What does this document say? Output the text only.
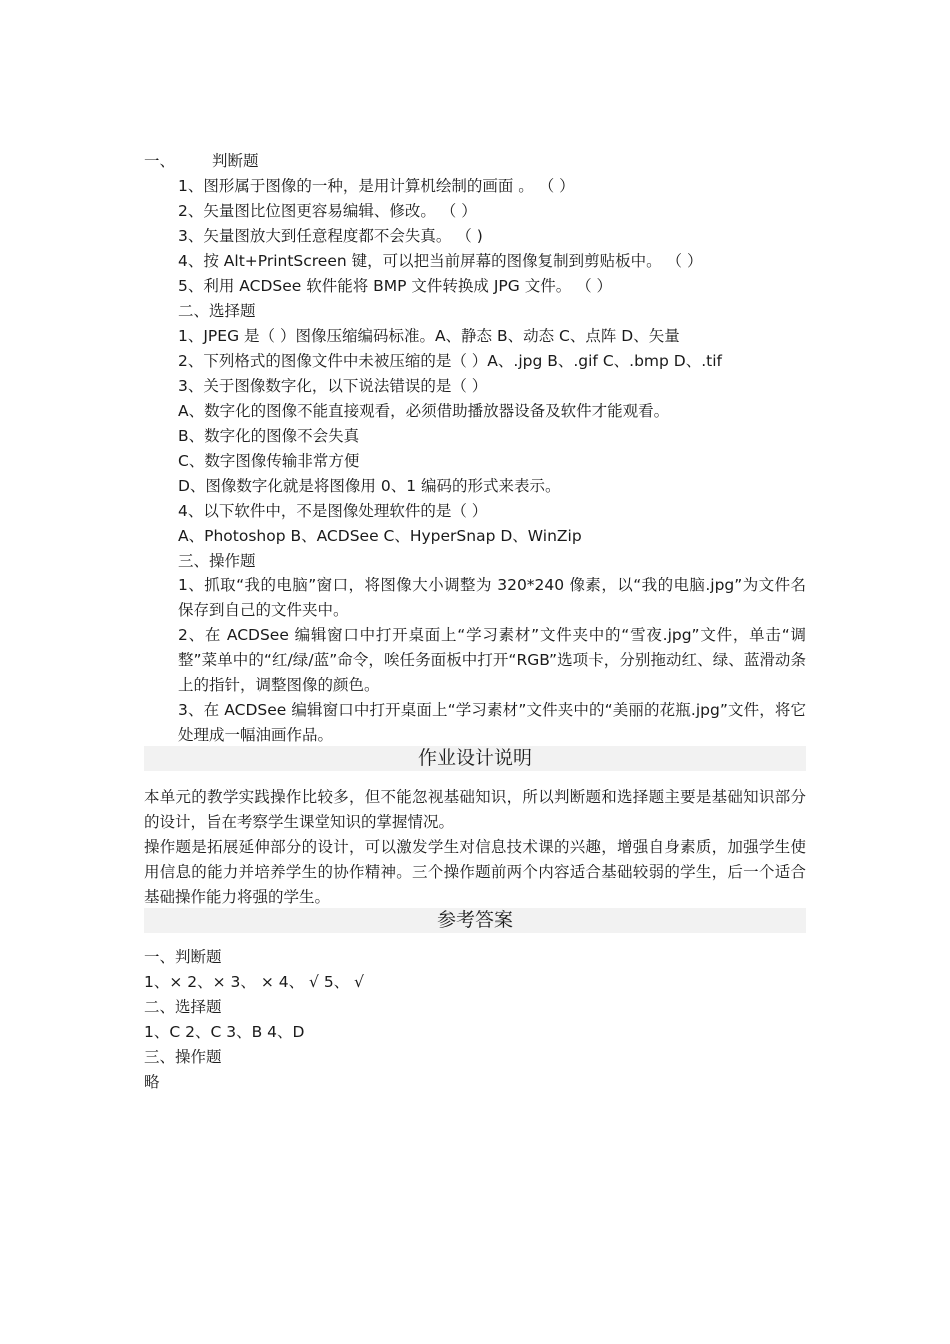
一、 判断题
1、图形属于图像的一种，是用计算机绘制的画面 。 （ ）
2、矢量图比位图更容易编辑、修改。 （ ）
3、矢量图放大到任意程度都不会失真。 （ )
4、按 Alt+PrintScreen 键，可以把当前屏幕的图像复制到剪贴板中。 （ ）
5、利用 ACDSee 软件能将 BMP 文件转换成 JPG 文件。 （ ）
二、选择题
1、JPEG 是（ ）图像压缩编码标准。A、静态 B、动态 C、点阵 D、矢量
2、下列格式的图像文件中未被压缩的是（ ）A、.jpg B、.gif C、.bmp D、.tif
3、关于图像数字化，以下说法错误的是（ ）
A、数字化的图像不能直接观看，必须借助播放器设备及软件才能观看。
B、数字化的图像不会失真
C、数字图像传输非常方便
D、图像数字化就是将图像用 0、1 编码的形式来表示。
4、以下软件中，不是图像处理软件的是（ ）
A、Photoshop B、ACDSee C、HyperSnap D、WinZip
三、操作题
1、抓取“我的电脑”窗口，将图像大小调整为 320*240 像素，以“我的电脑.jpg”为文件名保存到自己的文件夹中。
2、在 ACDSee 编辑窗口中打开桌面上“学习素材”文件夹中的“雪夜.jpg”文件，单击“调整”菜单中的“红/绿/蓝”命令，唉任务面板中打开“RGB”选项卡，分别拖动红、绿、蓝滑动条上的指针，调整图像的颜色。
3、在 ACDSee 编辑窗口中打开桌面上“学习素材”文件夹中的“美丽的花瓶.jpg”文件，将它处理成一幅油画作品。
作业设计说明
本单元的教学实践操作比较多，但不能忽视基础知识，所以判断题和选择题主要是基础知识部分的设计，旨在考察学生课堂知识的掌握情况。
操作题是拓展延伸部分的设计，可以激发学生对信息技术课的兴趣，增强自身素质，加强学生使用信息的能力并培养学生的协作精神。三个操作题前两个内容适合基础较弱的学生，后一个适合基础操作能力将强的学生。
参考答案
一、判断题
1、× 2、× 3、 × 4、 √ 5、 √
二、选择题
1、C 2、C 3、B 4、D
三、操作题
略
